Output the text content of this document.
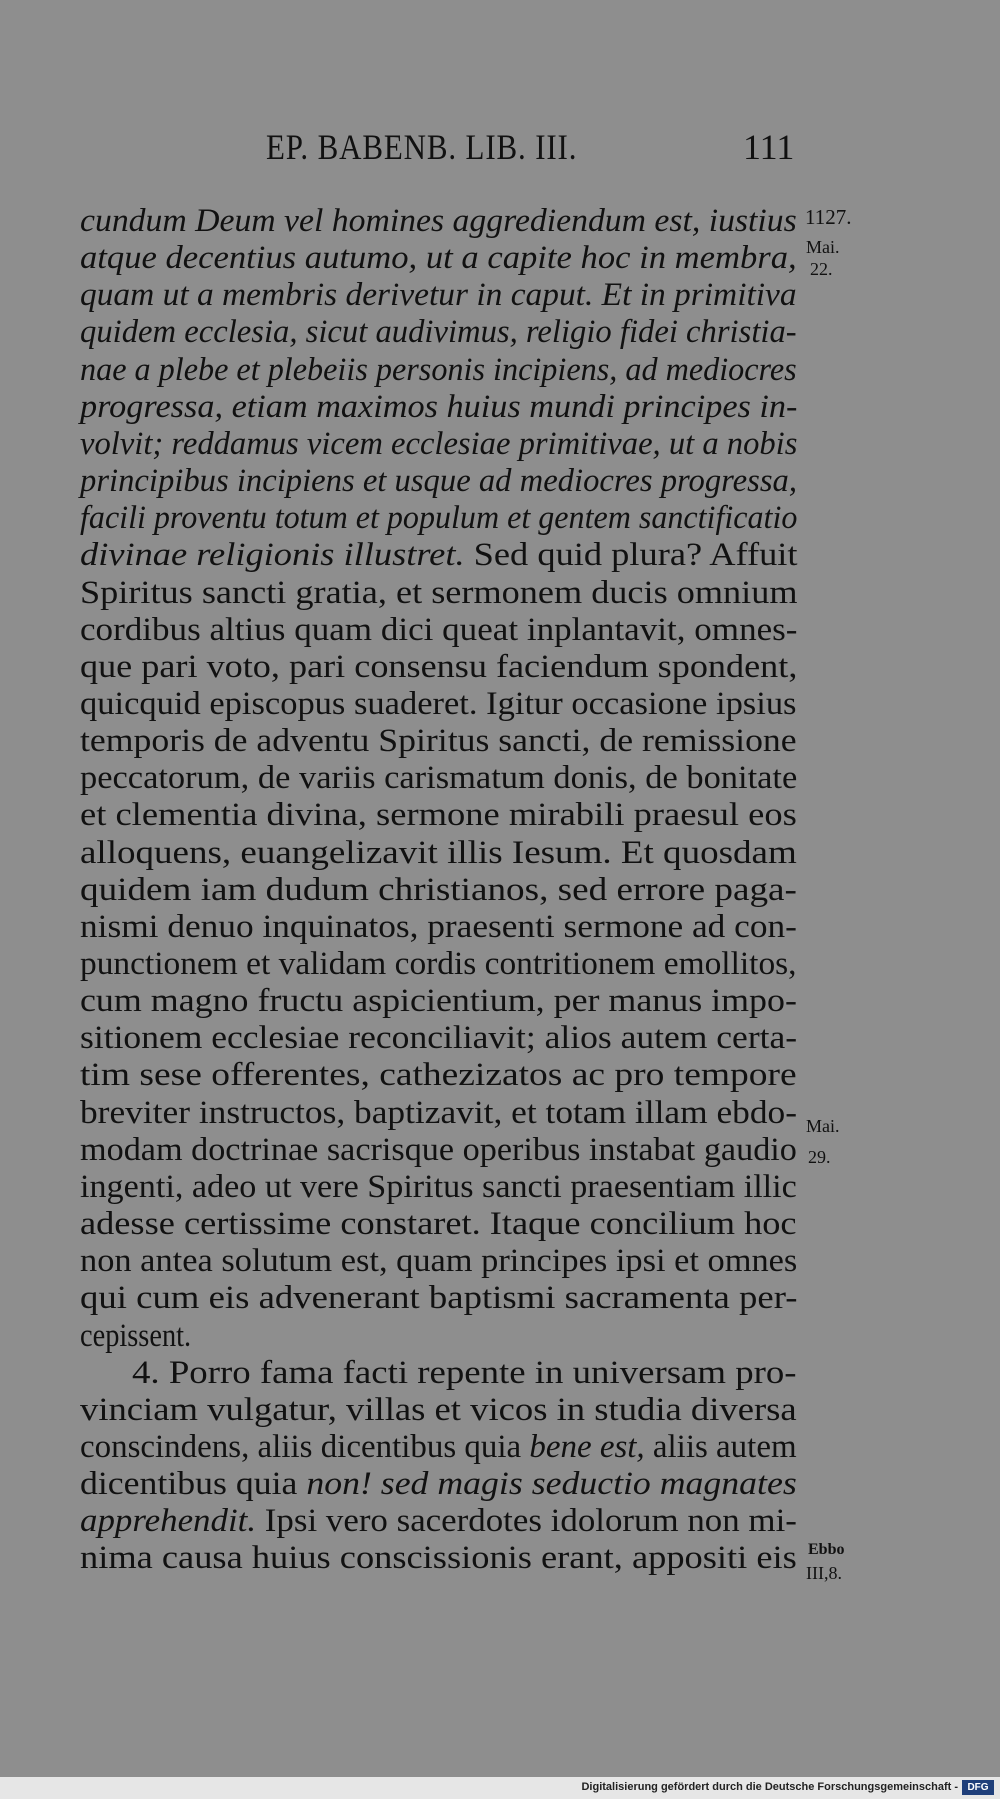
EP. BABENB. LIB. III.	111
cundum Deum vel homines aggrediendum est, iustius
atque decentius autumo, ut a capite hoc in membra,
quam ut a membris derivetur in caput. Et in primitiva
quidem ecclesia, sicut audivimus, religio fidei christia-
nae a plebe et plebeiis personis incipiens, ad mediocres
progressa, etiam maximos huius mundi principes in-
volvit; reddamus vicem ecclesiae primitivae, ut a nobis
principibus incipiens et usque ad mediocres progressa,
facili proventu totum et populum et gentem sanctificatio
divinae religionis illustret. Sed quid plura? Affuit
Spiritus sancti gratia, et sermonem ducis omnium
cordibus altius quam dici queat inplantavit, omnes-
que pari voto, pari consensu faciendum spondent,
quicquid episcopus suaderet. Igitur occasione ipsius
temporis de adventu Spiritus sancti, de remissione
peccatorum, de variis carismatum donis, de bonitate
et clementia divina, sermone mirabili praesul eos
alloquens, euangelizavit illis Iesum. Et quosdam
quidem iam dudum christianos, sed errore paga-
nismi denuo inquinatos, praesenti sermone ad con-
punctionem et validam cordis contritionem emollitos,
cum magno fructu aspicientium, per manus impo-
sitionem ecclesiae reconciliavit; alios autem certa-
tim sese offerentes, cathezizatos ac pro tempore
breviter instructos, baptizavit, et totam illam ebdo-
modam doctrinae sacrisque operibus instabat gaudio
ingenti, adeo ut vere Spiritus sancti praesentiam illic
adesse certissime constaret. Itaque concilium hoc
non antea solutum est, quam principes ipsi et omnes
qui cum eis advenerant baptismi sacramenta per-
cepissent.
4. Porro fama facti repente in universam pro-
vinciam vulgatur, villas et vicos in studia diversa
conscindens, aliis dicentibus quia bene est, aliis autem
dicentibus quia non! sed magis seductio magnates
apprehendit. Ipsi vero sacerdotes idolorum non mi-
nima causa huius conscissionis erant, appositi eis
1127.
Mai.
22.
Mai.
29.
Ebbo
III,8.
Digitalisierung gefördert durch die Deutsche Forschungsgemeinschaft - DFG
